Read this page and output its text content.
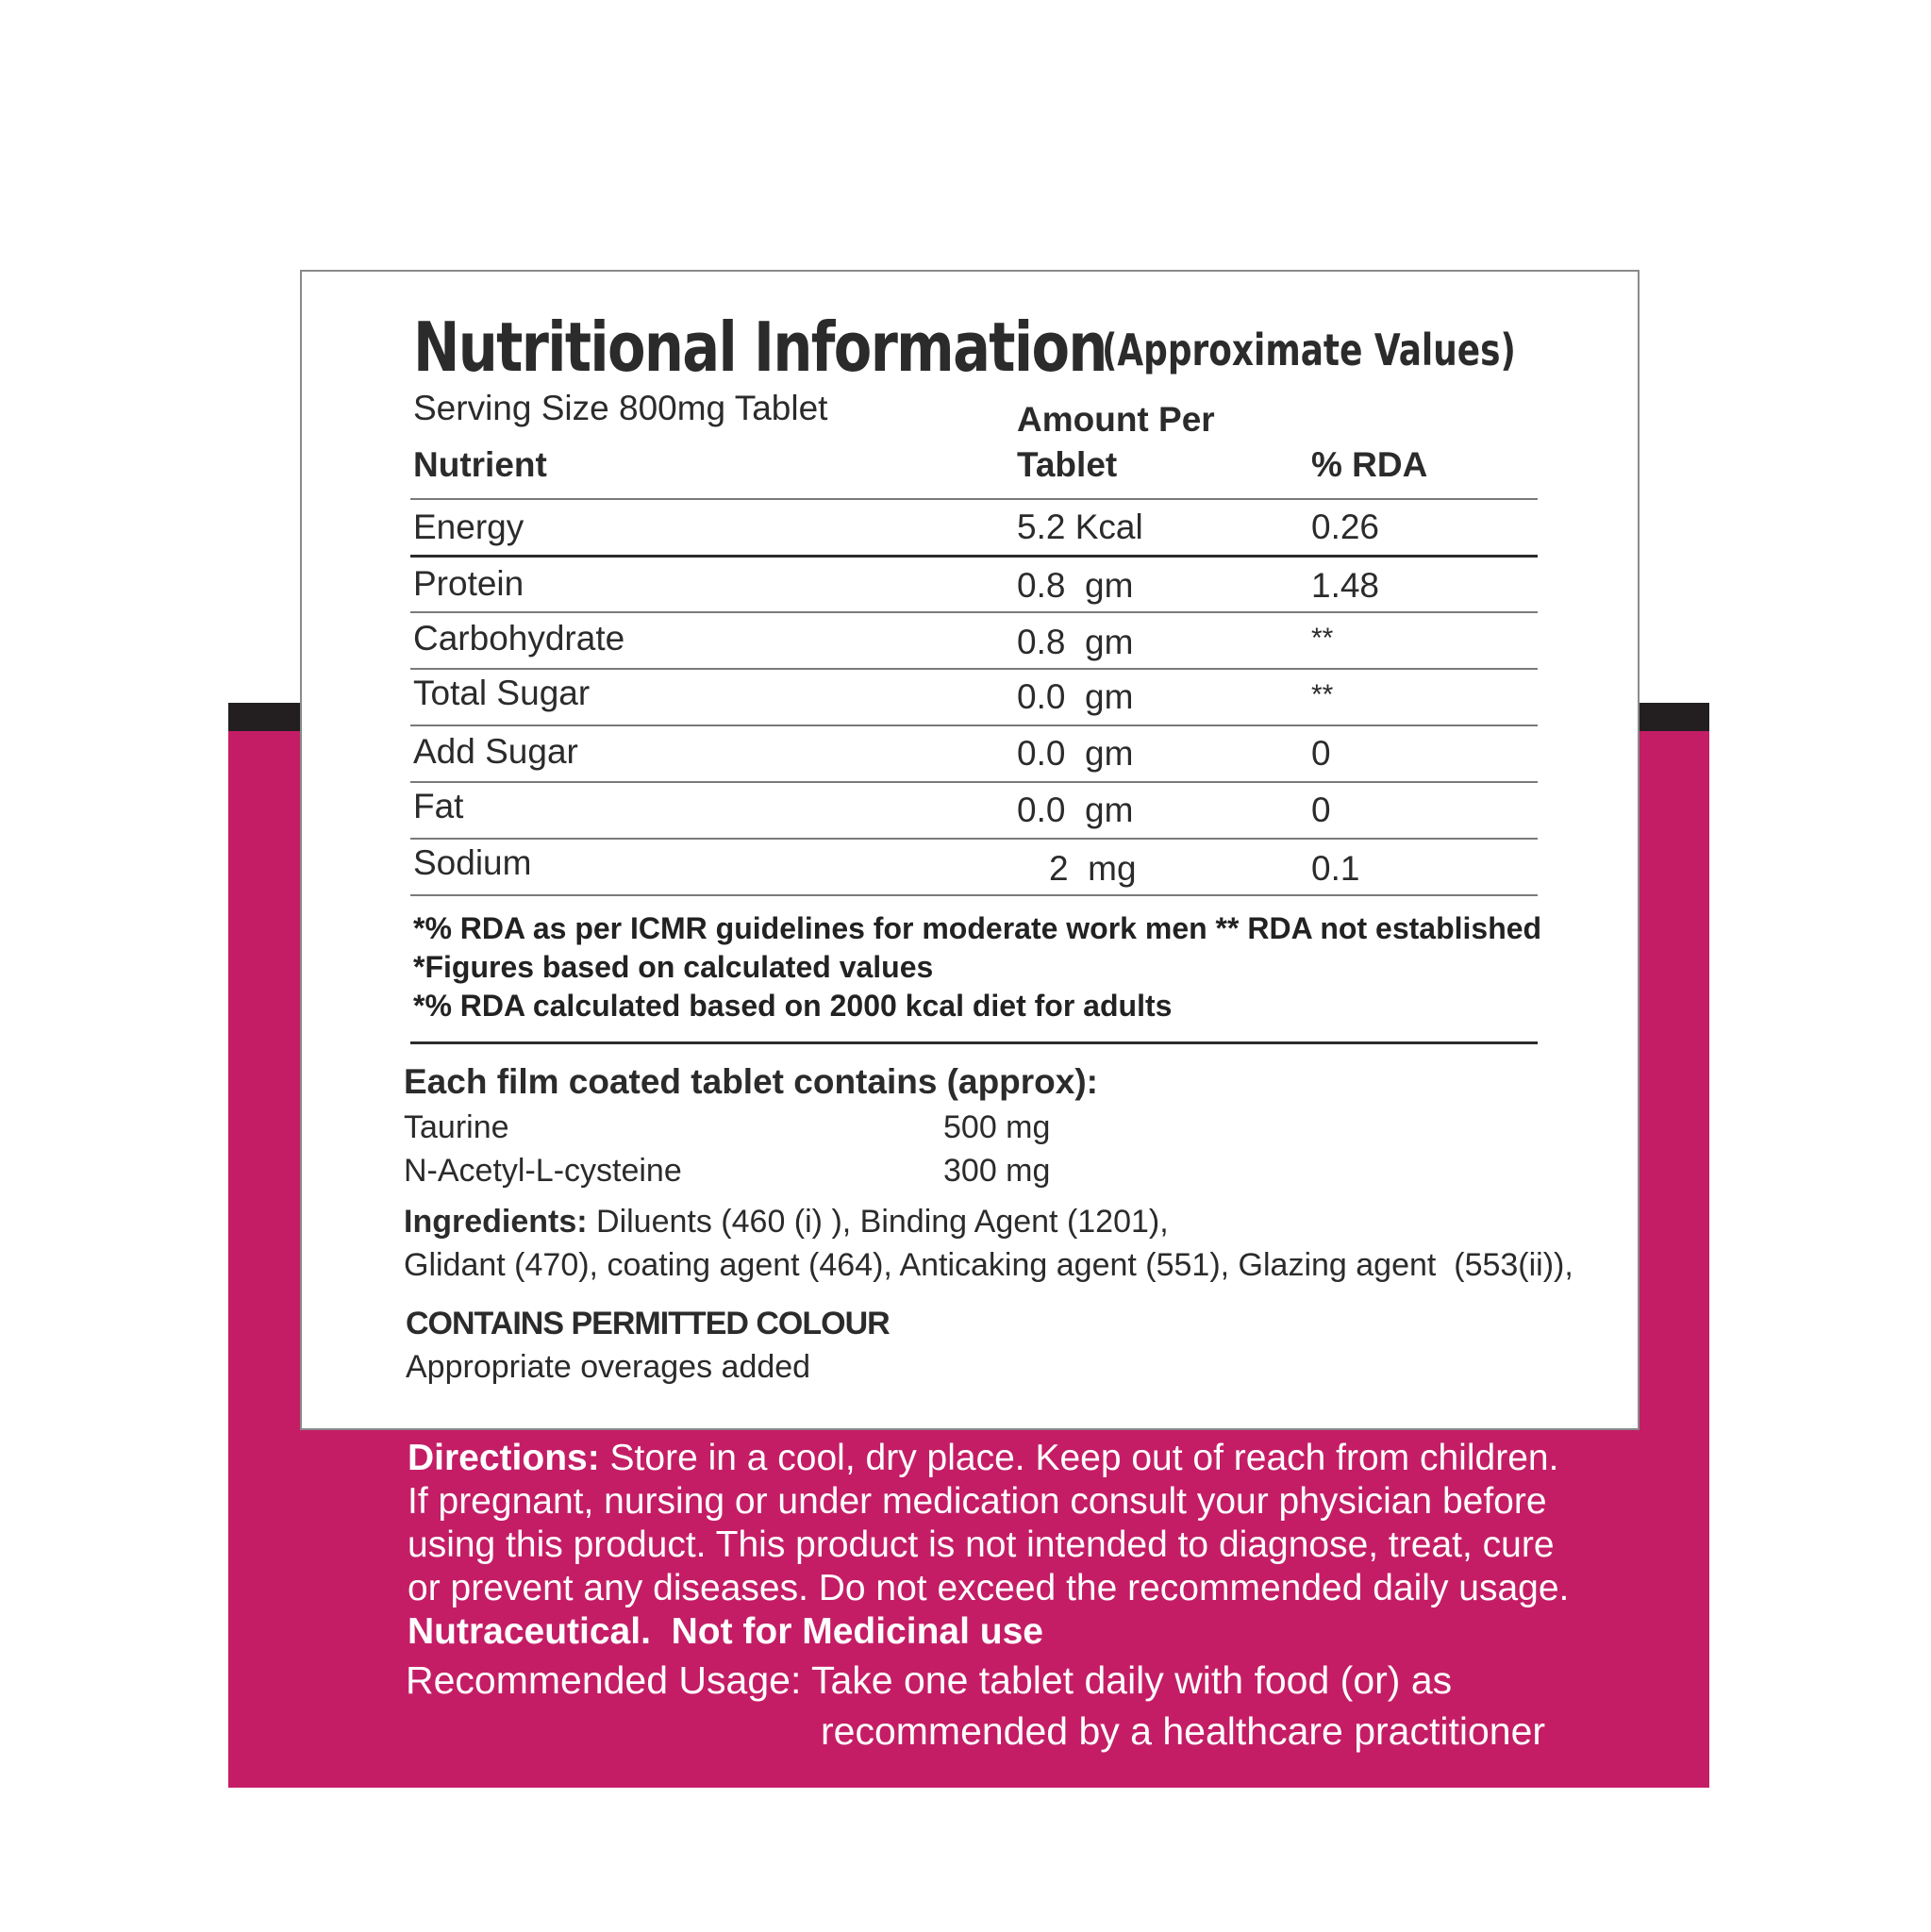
Nutritional Information
(Approximate Values)
Serving Size 800mg Tablet	Amount Per
Nutrient	Tablet	% RDA
Energy	5.2 Kcal	0.26
Protein	0.8  gm	1.48
Carbohydrate	0.8  gm	**
Total Sugar	0.0  gm	**
Add Sugar	0.0  gm	0
Fat	0.0  gm	0
Sodium	2  mg	0.1
*% RDA as per ICMR guidelines for moderate work men ** RDA not established
*Figures based on calculated values
*% RDA calculated based on 2000 kcal diet for adults
Each film coated tablet contains (approx):
Taurine	500 mg
N-Acetyl-L-cysteine	300 mg
Ingredients: Diluents (460 (i) ), Binding Agent (1201),
Glidant (470), coating agent (464), Anticaking agent (551), Glazing agent  (553(ii)),
CONTAINS PERMITTED COLOUR
Appropriate overages added
Directions: Store in a cool, dry place. Keep out of reach from children.
If pregnant, nursing or under medication consult your physician before
using this product. This product is not intended to diagnose, treat, cure
or prevent any diseases. Do not exceed the recommended daily usage.
Nutraceutical.  Not for Medicinal use
Recommended Usage: Take one tablet daily with food (or) as
recommended by a healthcare practitioner
